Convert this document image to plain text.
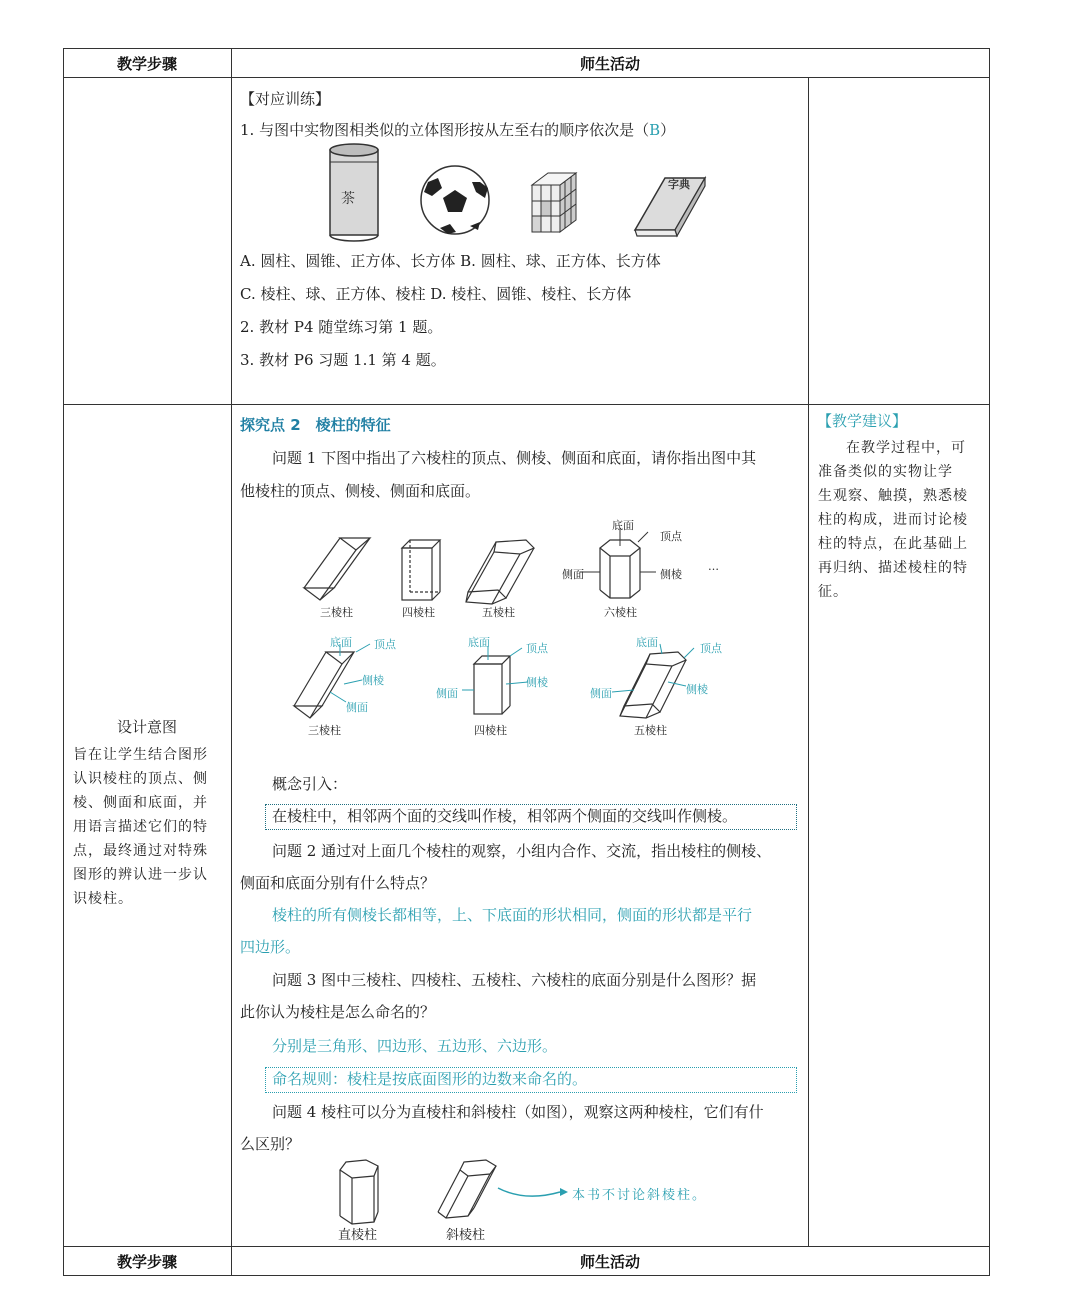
教学步骤	师生活动
教学步骤	师生活动
【对应训练】
1. 与图中实物图相类似的立体图形按从左至右的顺序依次是（B）
茶
字典
A. 圆柱、圆锥、正方体、长方体 B. 圆柱、球、正方体、长方体
C. 棱柱、球、正方体、棱柱 D. 棱柱、圆锥、棱柱、长方体
2. 教材 P4 随堂练习第 1 题。
3. 教材 P6 习题 1.1 第 4 题。
设计意图
旨在让学生结合图形
认识棱柱的顶点、侧
棱、侧面和底面，并
用语言描述它们的特
点，最终通过对特殊
图形的辨认进一步认
识棱柱。
【教学建议】
在教学过程中，可
准备类似的实物让学
生观察、触摸，熟悉棱
柱的构成，进而讨论棱
柱的特点，在此基础上
再归纳、描述棱柱的特
征。
探究点 2　棱柱的特征
问题 1 下图中指出了六棱柱的顶点、侧棱、侧面和底面，请你指出图中其
他棱柱的顶点、侧棱、侧面和底面。
三棱柱	四棱柱	五棱柱	六棱柱
底面
顶点
侧面	侧棱
…
底面 顶点
侧棱
侧面
底面	顶点
侧面
侧棱
底面	顶点
侧面	侧棱
三棱柱	四棱柱	五棱柱
概念引入：
在棱柱中，相邻两个面的交线叫作棱，相邻两个侧面的交线叫作侧棱。
问题 2 通过对上面几个棱柱的观察，小组内合作、交流，指出棱柱的侧棱、
侧面和底面分别有什么特点？
棱柱的所有侧棱长都相等，上、下底面的形状相同，侧面的形状都是平行
四边形。
问题 3 图中三棱柱、四棱柱、五棱柱、六棱柱的底面分别是什么图形？据
此你认为棱柱是怎么命名的？
分别是三角形、四边形、五边形、六边形。
命名规则：棱柱是按底面图形的边数来命名的。
问题 4 棱柱可以分为直棱柱和斜棱柱（如图），观察这两种棱柱，它们有什
么区别？
直棱柱	斜棱柱
本书不讨论斜棱柱。
